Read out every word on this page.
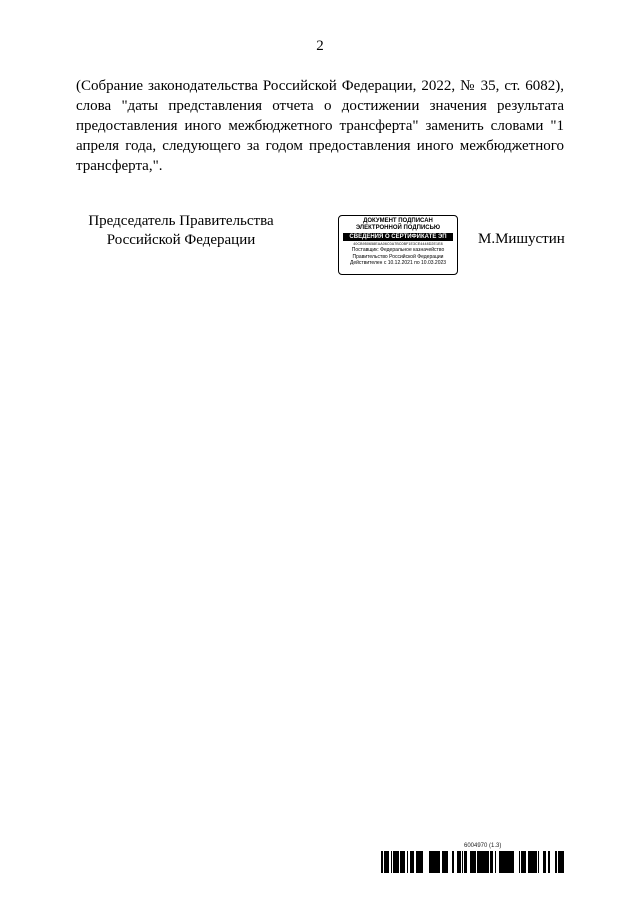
2

(Собрание законодательства Российской Федерации, 2022, № 35, ст. 6082), слова "даты представления отчета о достижении значения результата предоставления иного межбюджетного трансферта" заменить словами "1 апреля года, следующего за годом предоставления иного межбюджетного трансферта,".

Председатель Правительства
Российской Федерации
ДОКУМЕНТ ПОДПИСАН
ЭЛЕКТРОННОЙ ПОДПИСЬЮ
СВЕДЕНИЯ О СЕРТИФИКАТЕ ЭП
40CB950658EAA06C0A7BC0BF1E3CE4448D2E1E8
Поставщик: Федеральное казначейство
Правительство Российской Федерации
Действителен с 10.12.2021 по 10.03.2023
М.Мишустин
6004970 (1.3)
